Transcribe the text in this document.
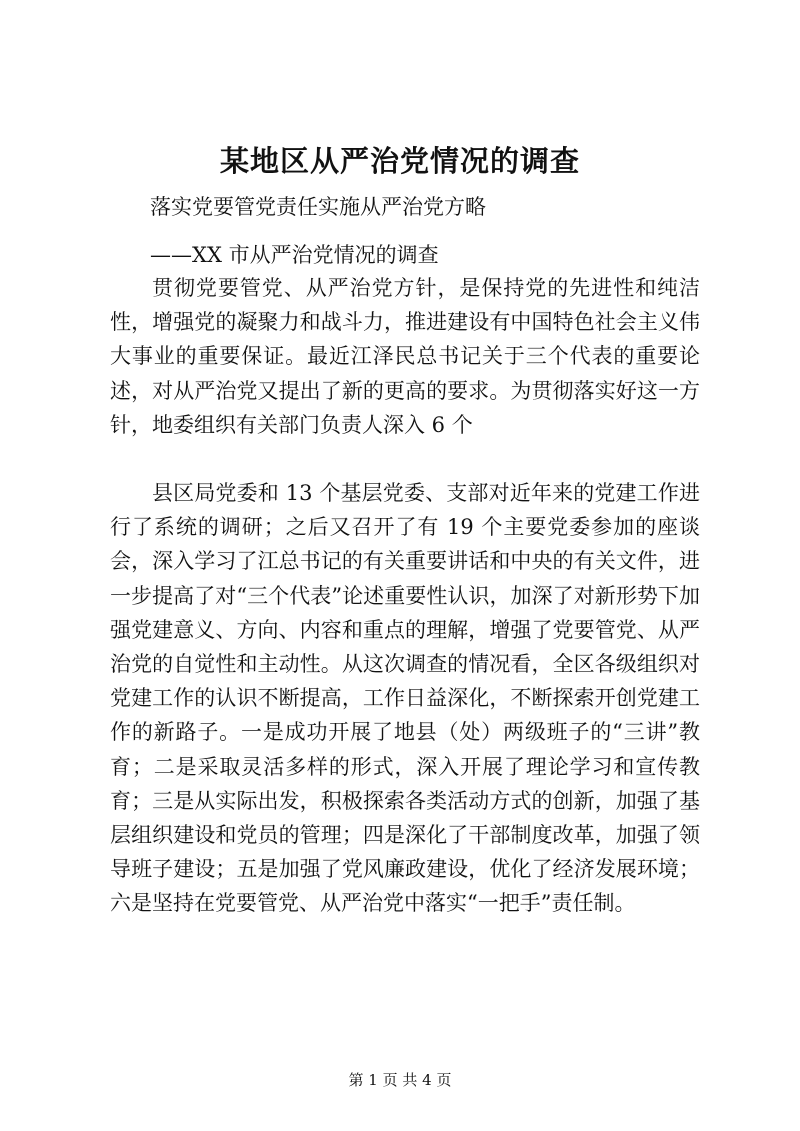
某地区从严治党情况的调查
落实党要管党责任实施从严治党方略
——XX 市从严治党情况的调查

贯彻党要管党、从严治党方针，是保持党的先进性和纯洁性，增强党的凝聚力和战斗力，推进建设有中国特色社会主义伟大事业的重要保证。最近江泽民总书记关于三个代表的重要论述，对从严治党又提出了新的更高的要求。为贯彻落实好这一方针，地委组织有关部门负责人深入 6 个

县区局党委和 13 个基层党委、支部对近年来的党建工作进行了系统的调研；之后又召开了有 19 个主要党委参加的座谈会，深入学习了江总书记的有关重要讲话和中央的有关文件，进一步提高了对“三个代表”论述重要性认识，加深了对新形势下加强党建意义、方向、内容和重点的理解，增强了党要管党、从严治党的自觉性和主动性。从这次调查的情况看，全区各级组织对党建工作的认识不断提高，工作日益深化，不断探索开创党建工作的新路子。一是成功开展了地县（处）两级班子的“三讲”教育；二是采取灵活多样的形式，深入开展了理论学习和宣传教育；三是从实际出发，积极探索各类活动方式的创新，加强了基层组织建设和党员的管理；四是深化了干部制度改革，加强了领导班子建设；五是加强了党风廉政建设，优化了经济发展环境；六是坚持在党要管党、从严治党中落实“一把手”责任制。

第 1 页 共 4 页
